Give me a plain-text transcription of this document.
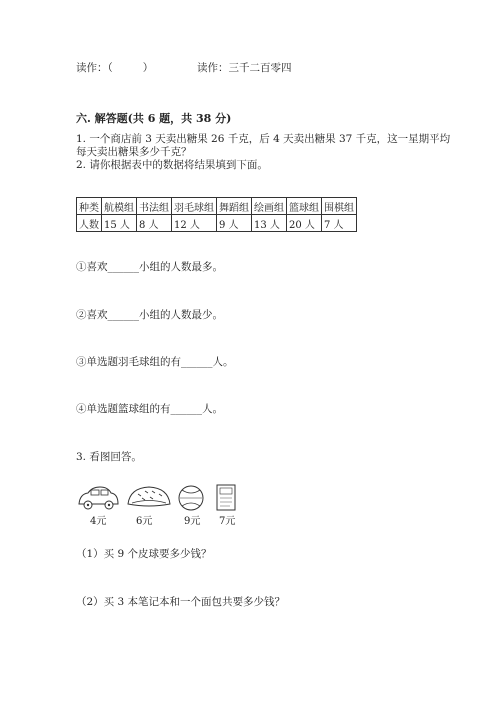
读作：（	）	读作：三千二百零四
六. 解答题(共 6 题，共 38 分)
1. 一个商店前 3 天卖出糖果 26 千克，后 4 天卖出糖果 37 千克，这一星期平均
每天卖出糖果多少千克？
2. 请你根据表中的数据将结果填到下面。
种类	航模组	书法组	羽毛球组	舞蹈组	绘画组	篮球组	围棋组
人数	15 人	8 人	12 人	9 人	13 人	20 人	7 人
①喜欢______小组的人数最多。
②喜欢______小组的人数最少。
③单选题羽毛球组的有______人。
④单选题篮球组的有______人。
3. 看图回答。
4元	6元	9元 7元
（1）买 9 个皮球要多少钱？
（2）买 3 本笔记本和一个面包共要多少钱？
